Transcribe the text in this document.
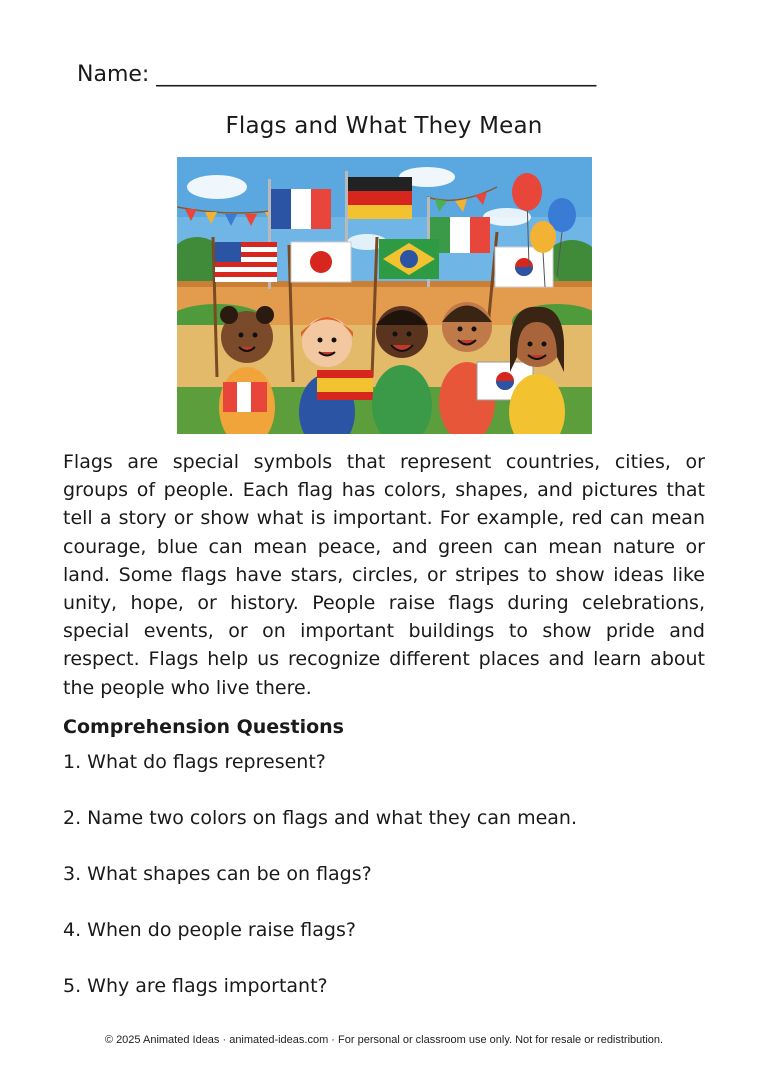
Name: ________________________________________
Flags and What They Mean

Flags are special symbols that represent countries, cities, or groups of people. Each flag has colors, shapes, and pictures that tell a story or show what is important. For example, red can mean courage, blue can mean peace, and green can mean nature or land. Some flags have stars, circles, or stripes to show ideas like unity, hope, or history. People raise flags during celebrations, special events, or on important buildings to show pride and respect. Flags help us recognize different places and learn about the people who live there.

Comprehension Questions
1. What do flags represent?
2. Name two colors on flags and what they can mean.
3. What shapes can be on flags?
4. When do people raise flags?
5. Why are flags important?
© 2025 Animated Ideas · animated-ideas.com · For personal or classroom use only. Not for resale or redistribution.
